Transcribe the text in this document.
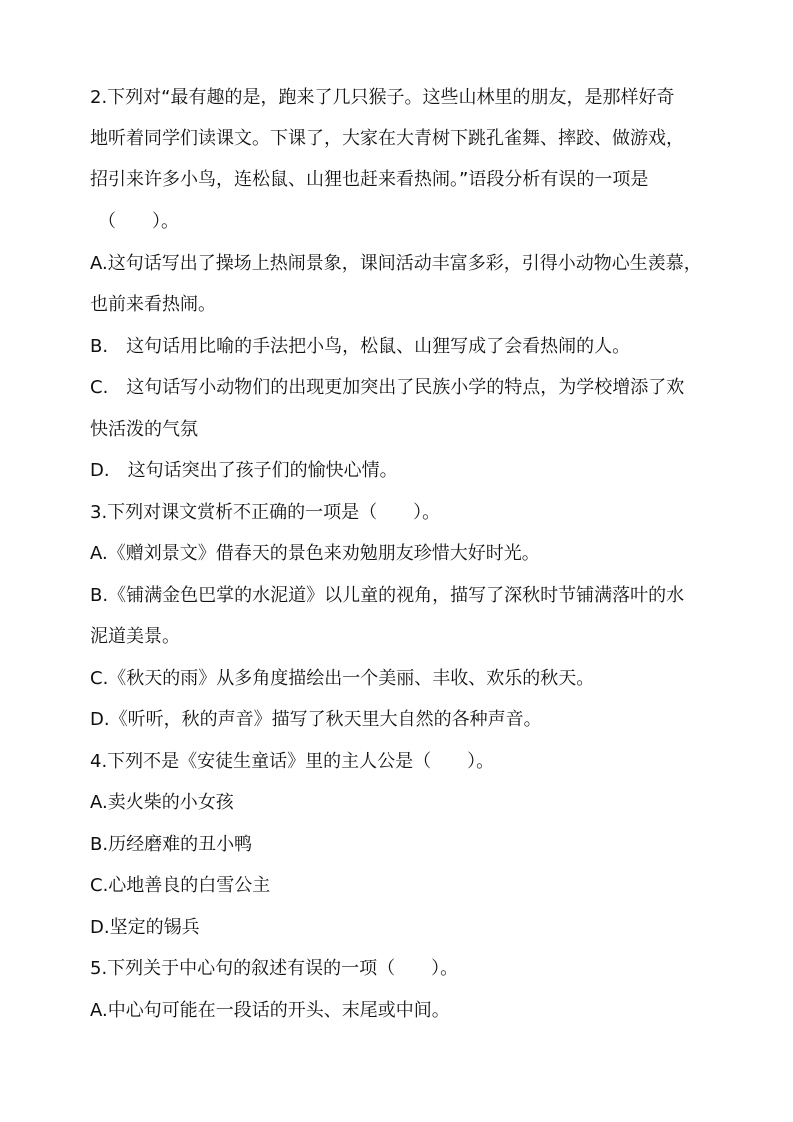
2.下列对“最有趣的是，跑来了几只猴子。这些山林里的朋友，是那样好奇
地听着同学们读课文。下课了，大家在大青树下跳孔雀舞、摔跤、做游戏，
招引来许多小鸟，连松鼠、山狸也赶来看热闹。”语段分析有误的一项是
（　　）。
A.这句话写出了操场上热闹景象，课间活动丰富多彩，引得小动物心生羡慕，
也前来看热闹。
B.　这句话用比喻的手法把小鸟，松鼠、山狸写成了会看热闹的人。
C.　这句话写小动物们的出现更加突出了民族小学的特点，为学校增添了欢
快活泼的气氛
D.　这句话突出了孩子们的愉快心情。
3.下列对课文赏析不正确的一项是（　　）。
A.《赠刘景文》借春天的景色来劝勉朋友珍惜大好时光。
B.《铺满金色巴掌的水泥道》以儿童的视角，描写了深秋时节铺满落叶的水
泥道美景。
C.《秋天的雨》从多角度描绘出一个美丽、丰收、欢乐的秋天。
D.《听听，秋的声音》描写了秋天里大自然的各种声音。
4.下列不是《安徒生童话》里的主人公是（　　）。
A.卖火柴的小女孩
B.历经磨难的丑小鸭
C.心地善良的白雪公主
D.坚定的锡兵
5.下列关于中心句的叙述有误的一项（　　）。
A.中心句可能在一段话的开头、末尾或中间。
